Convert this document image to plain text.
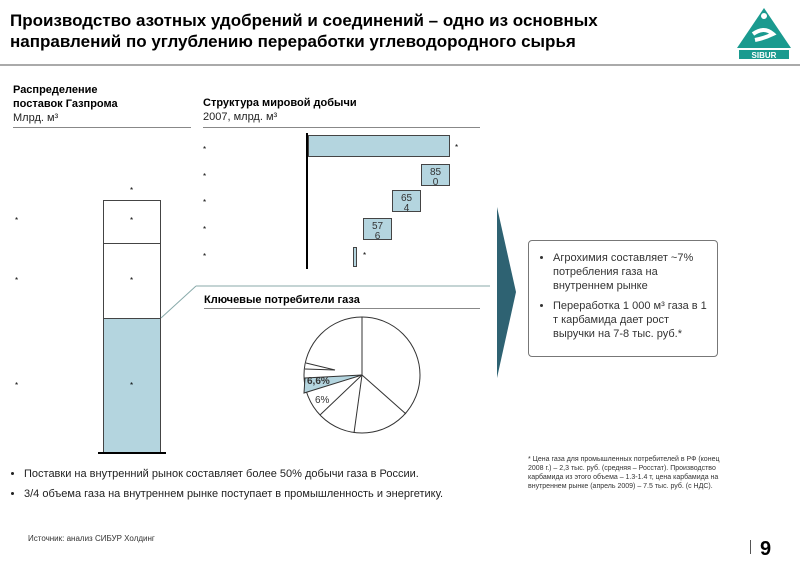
Производство азотных удобрений и соединений – одно из основных направлений по углублению переработки углеводородного сырья
SIBUR
Распределение поставок Газпрома
Млрд. м³
Структура мировой добычи
2007, млрд. м³
85
0
65
4
57
6
Ключевые потребители газа
6,6%
6%
*
*
*
*
*
*
*
*
*
*
*
*
*
*	• Агрохимия составляет ~7% потребления газа на внутреннем рынке
• Переработка 1 000 м³ газа в 1 т карбамида дает рост выручки на 7-8 тыс. руб.*
• Поставки на внутренний рынок составляет более 50% добычи газа в России.
• 3/4 объема газа на внутреннем рынке поступает в промышленность и энергетику.
* Цена газа для промышленных потребителей в РФ (конец 2008 г.) – 2,3 тыс. руб. (средняя – Росстат). Производство карбамида из этого объема – 1.3-1.4 т, цена карбамида на внутреннем рынке (апрель 2009) – 7.5 тыс. руб. (с НДС).
Источник: анализ СИБУР Холдинг	9
